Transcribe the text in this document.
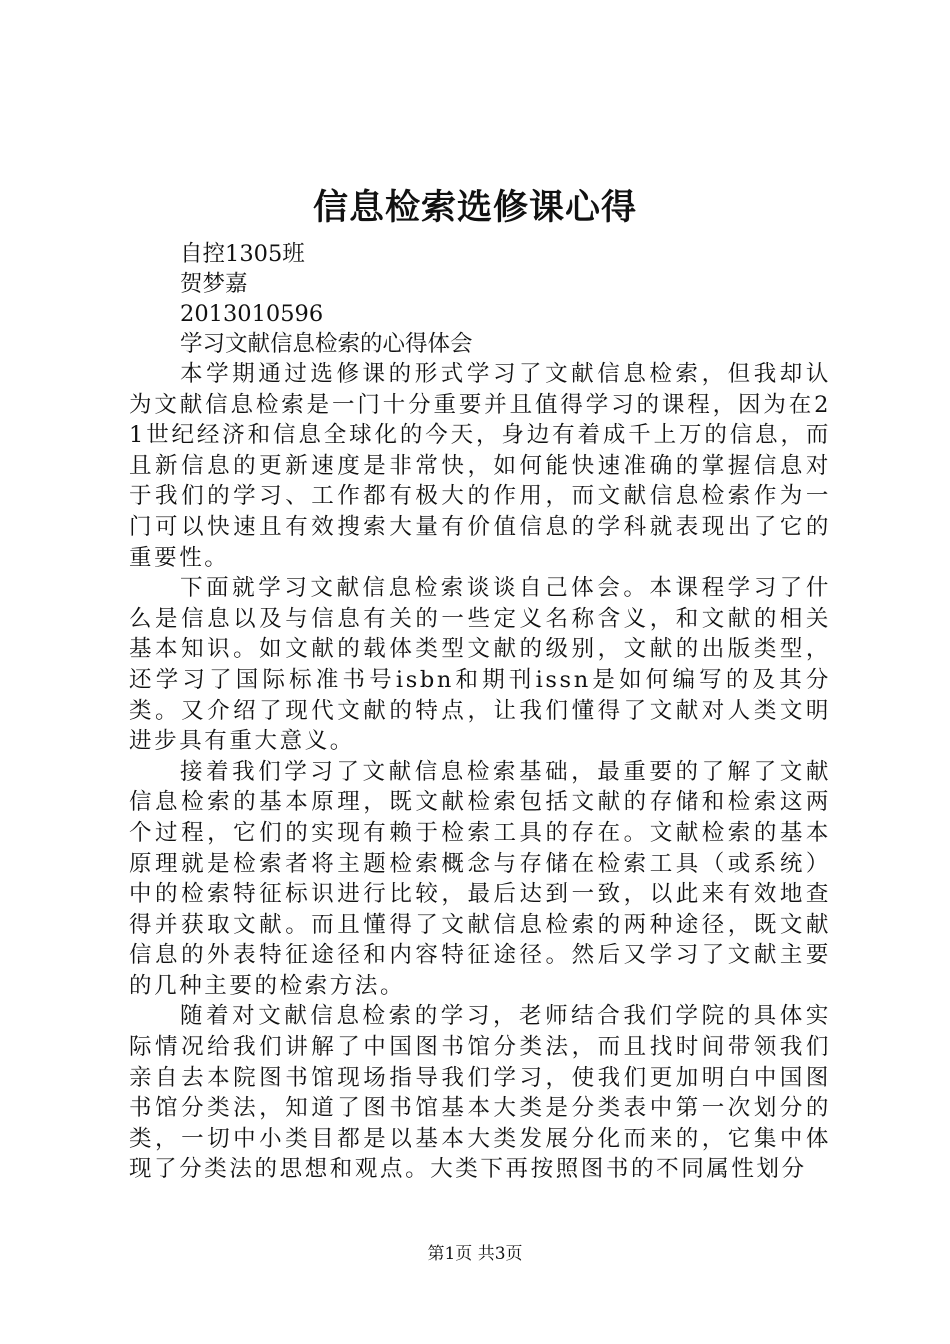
信息检索选修课心得

自控1305班

贺梦嘉

2013010596

学习文献信息检索的心得体会

本学期通过选修课的形式学习了文献信息检索，但我却认为文献信息检索是一门十分重要并且值得学习的课程，因为在21世纪经济和信息全球化的今天，身边有着成千上万的信息，而且新信息的更新速度是非常快，如何能快速准确的掌握信息对于我们的学习、工作都有极大的作用，而文献信息检索作为一门可以快速且有效搜索大量有价值信息的学科就表现出了它的重要性。

下面就学习文献信息检索谈谈自己体会。本课程学习了什么是信息以及与信息有关的一些定义名称含义，和文献的相关基本知识。如文献的载体类型文献的级别，文献的出版类型，还学习了国际标准书号isbn和期刊issn是如何编写的及其分类。又介绍了现代文献的特点，让我们懂得了文献对人类文明进步具有重大意义。

接着我们学习了文献信息检索基础，最重要的了解了文献信息检索的基本原理，既文献检索包括文献的存储和检索这两个过程，它们的实现有赖于检索工具的存在。文献检索的基本原理就是检索者将主题检索概念与存储在检索工具（或系统）中的检索特征标识进行比较，最后达到一致，以此来有效地查得并获取文献。而且懂得了文献信息检索的两种途径，既文献信息的外表特征途径和内容特征途径。然后又学习了文献主要的几种主要的检索方法。

随着对文献信息检索的学习，老师结合我们学院的具体实际情况给我们讲解了中国图书馆分类法，而且找时间带领我们亲自去本院图书馆现场指导我们学习，使我们更加明白中国图书馆分类法，知道了图书馆基本大类是分类表中第一次划分的类，一切中小类目都是以基本大类发展分化而来的，它集中体现了分类法的思想和观点。大类下再按照图书的不同属性划分

第1页 共3页
